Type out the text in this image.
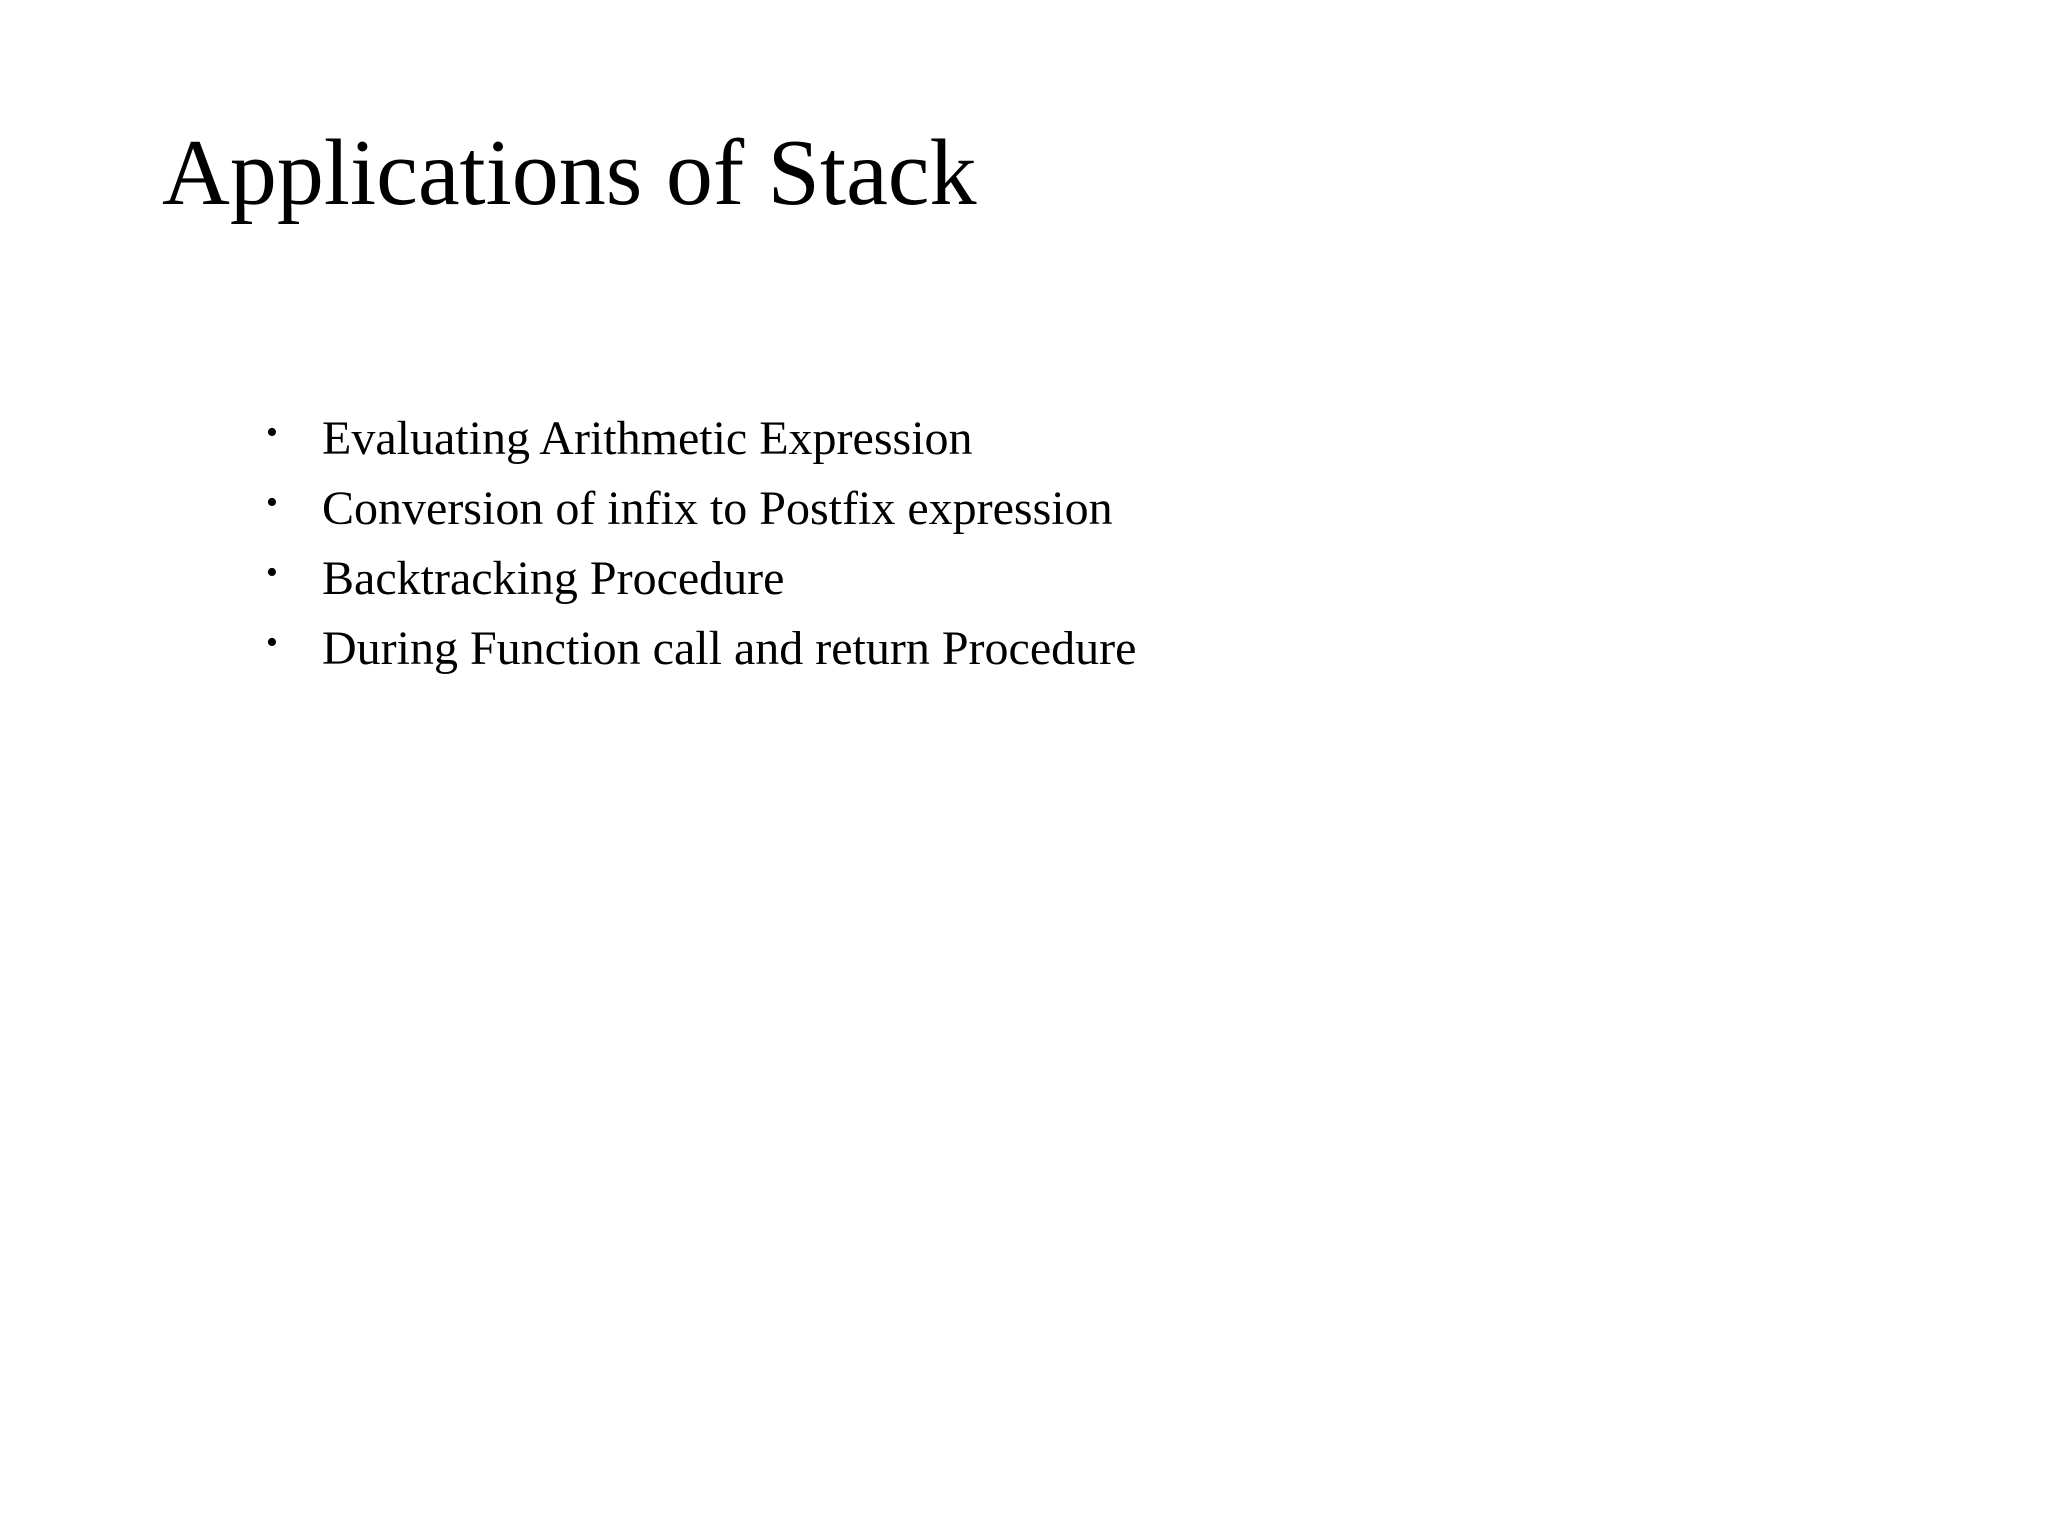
Applications of Stack
• Evaluating Arithmetic Expression
• Conversion of infix to Postfix expression
• Backtracking Procedure
• During Function call and return Procedure
